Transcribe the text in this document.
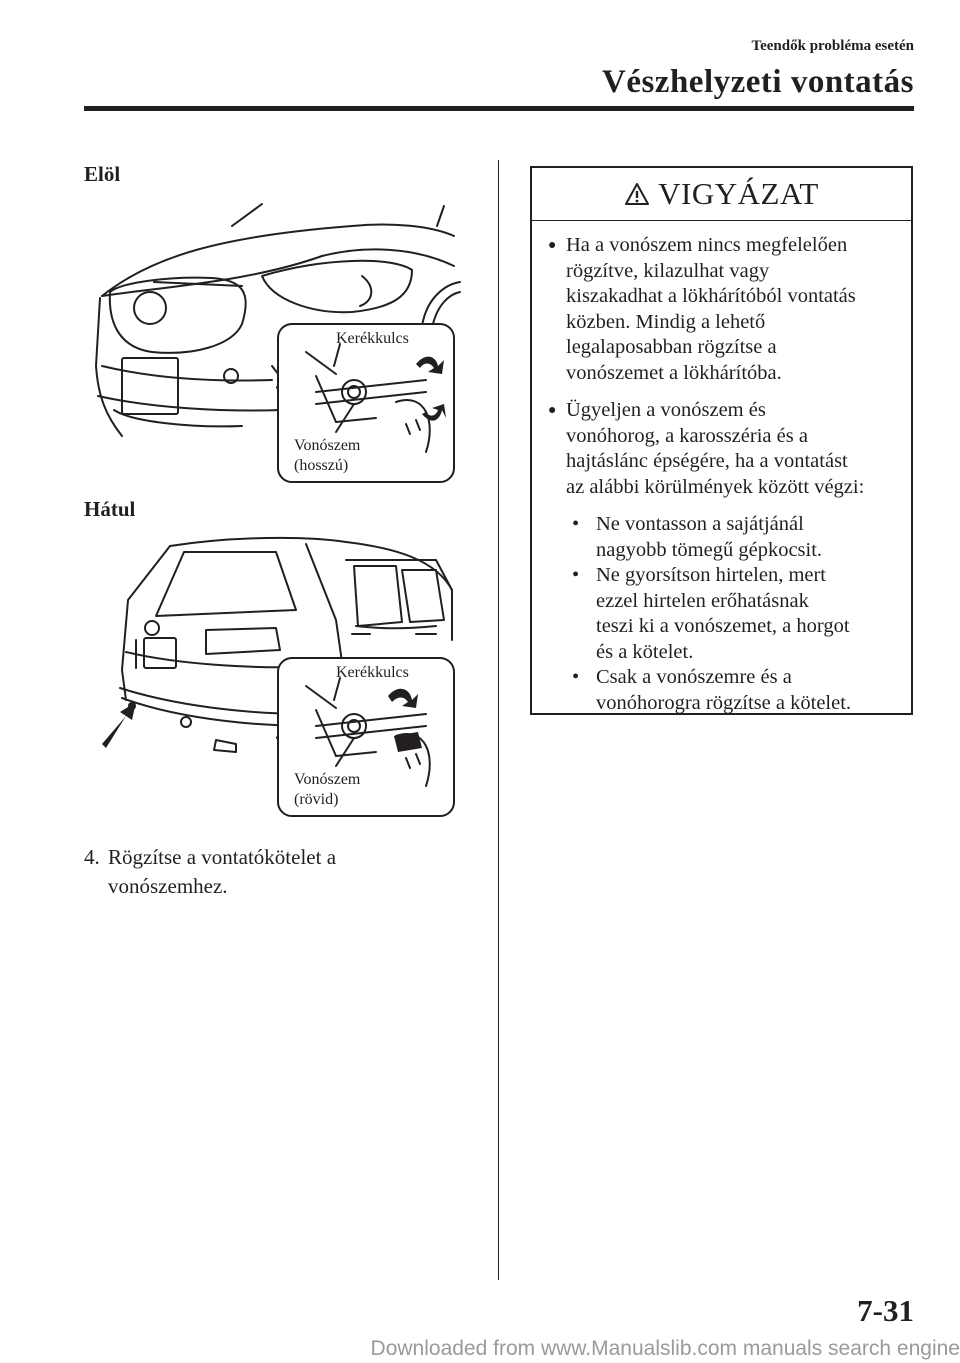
Teendők probléma esetén
Vészhelyzeti vontatás
Elöl
Kerékkulcs
Vonószem
(hosszú)
Hátul
Kerékkulcs
Vonószem
(rövid)
4. Rögzítse a vontatókötelet a
vonószemhez.
VIGYÁZAT
● Ha a vonószem nincs megfelelően
rögzítve, kilazulhat vagy
kiszakadhat a lökhárítóból vontatás
közben. Mindig a lehető
legalaposabban rögzítse a
vonószemet a lökhárítóba.
● Ügyeljen a vonószem és
vonóhorog, a karosszéria és a
hajtáslánc épségére, ha a vontatást
az alábbi körülmények között végzi:
• Ne vontasson a sajátjánál
nagyobb tömegű gépkocsit.
• Ne gyorsítson hirtelen, mert
ezzel hirtelen erőhatásnak
teszi ki a vonószemet, a horgot
és a kötelet.
• Csak a vonószemre és a
vonóhorogra rögzítse a kötelet.
7-31
Downloaded from www.Manualslib.com manuals search engine
